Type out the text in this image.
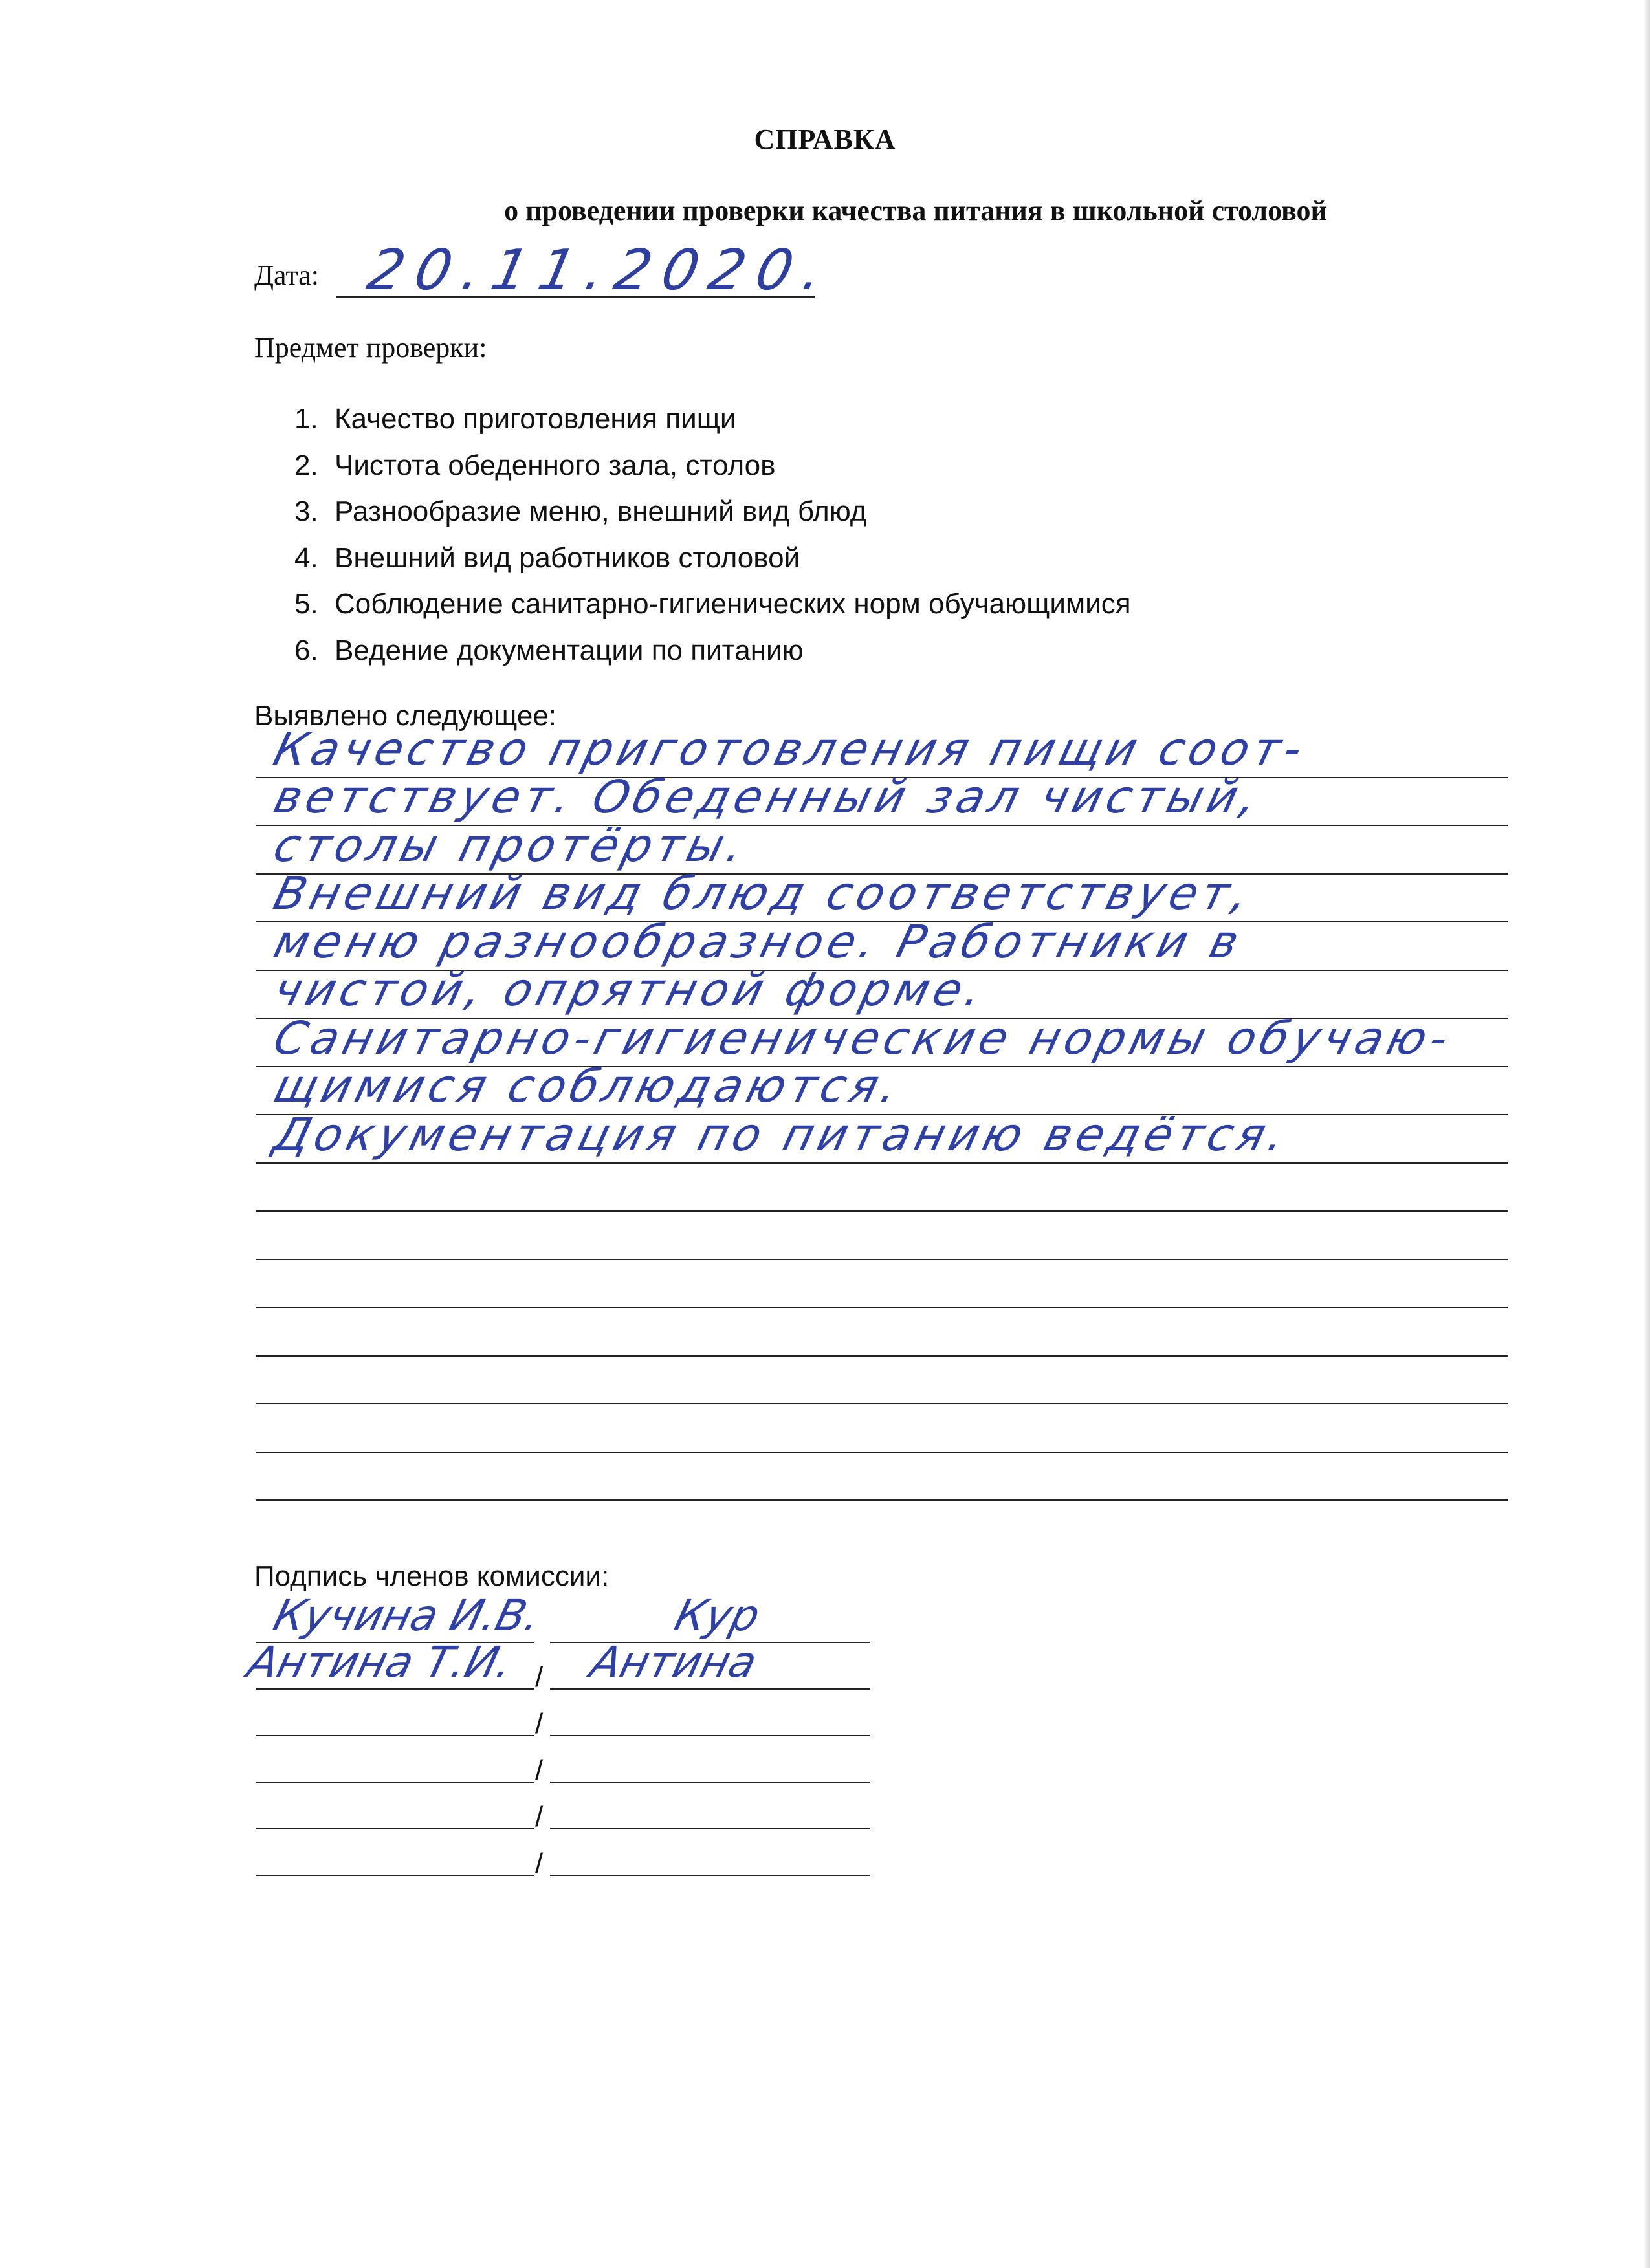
СПРАВКА
о проведении проверки качества питания в школьной столовой
Дата: 20.11.2020.
Предмет проверки:
1. Качество приготовления пищи
2. Чистота обеденного зала, столов
3. Разнообразие меню, внешний вид блюд
4. Внешний вид работников столовой
5. Соблюдение санитарно-гигиенических норм обучающимися
6. Ведение документации по питанию
Выявлено следующее:
Качество приготовления пищи соот-
ветствует. Обеденный зал чистый,
столы протёрты.
Внешний вид блюд соответствует,
меню разнообразное. Работники в
чистой, опрятной форме.
Санитарно-гигиенические нормы обучаю-
щимися соблюдаются.
Документация по питанию ведётся.
Подпись членов комиссии:
Кучина И.В.	Кур
/
Антина Т.И. Антина
/
/
/
/
